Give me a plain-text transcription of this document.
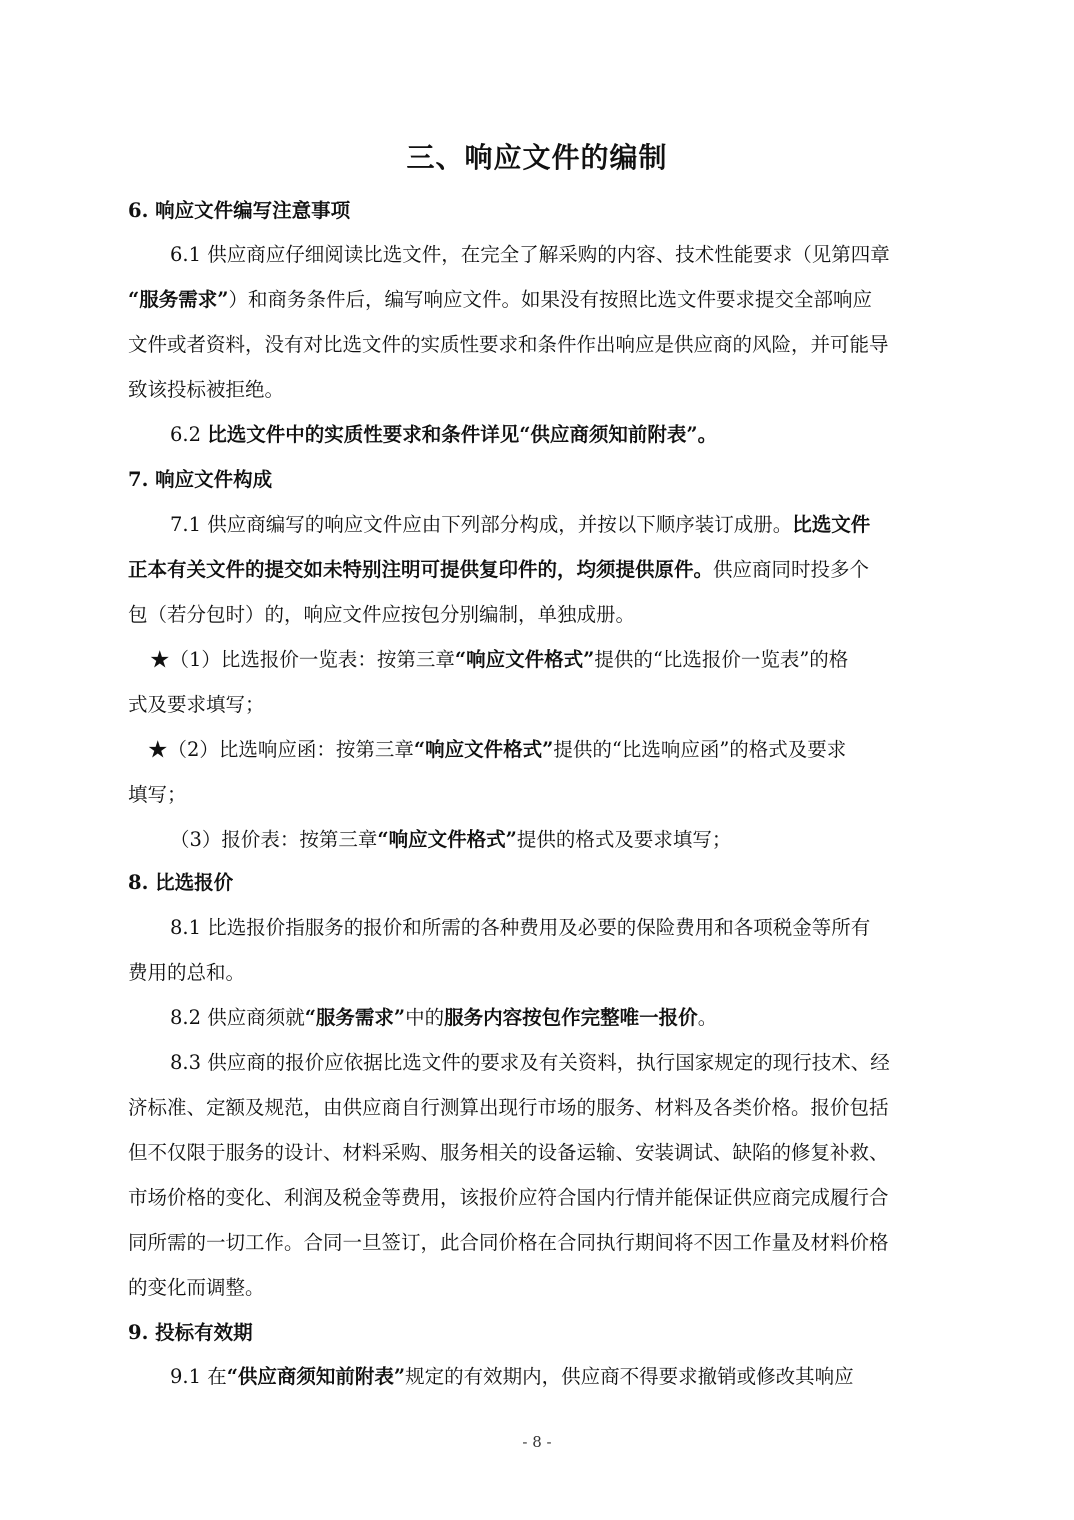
三、响应文件的编制
6. 响应文件编写注意事项
6.1 供应商应仔细阅读比选文件，在完全了解采购的内容、技术性能要求（见第四章
“服务需求”）和商务条件后，编写响应文件。如果没有按照比选文件要求提交全部响应
文件或者资料，没有对比选文件的实质性要求和条件作出响应是供应商的风险，并可能导
致该投标被拒绝。
6.2 比选文件中的实质性要求和条件详见“供应商须知前附表”。
7. 响应文件构成
7.1 供应商编写的响应文件应由下列部分构成，并按以下顺序装订成册。比选文件
正本有关文件的提交如未特别注明可提供复印件的，均须提供原件。供应商同时投多个
包（若分包时）的，响应文件应按包分别编制，单独成册。
★（1）比选报价一览表：按第三章“响应文件格式”提供的“比选报价一览表”的格
式及要求填写；
★（2）比选响应函：按第三章“响应文件格式”提供的“比选响应函”的格式及要求
填写；
（3）报价表：按第三章“响应文件格式”提供的格式及要求填写；
8. 比选报价
8.1 比选报价指服务的报价和所需的各种费用及必要的保险费用和各项税金等所有
费用的总和。
8.2 供应商须就“服务需求”中的服务内容按包作完整唯一报价。
8.3 供应商的报价应依据比选文件的要求及有关资料，执行国家规定的现行技术、经
济标准、定额及规范，由供应商自行测算出现行市场的服务、材料及各类价格。报价包括
但不仅限于服务的设计、材料采购、服务相关的设备运输、安装调试、缺陷的修复补救、
市场价格的变化、利润及税金等费用，该报价应符合国内行情并能保证供应商完成履行合
同所需的一切工作。合同一旦签订，此合同价格在合同执行期间将不因工作量及材料价格
的变化而调整。
9. 投标有效期
9.1 在“供应商须知前附表”规定的有效期内，供应商不得要求撤销或修改其响应
- 8 -
